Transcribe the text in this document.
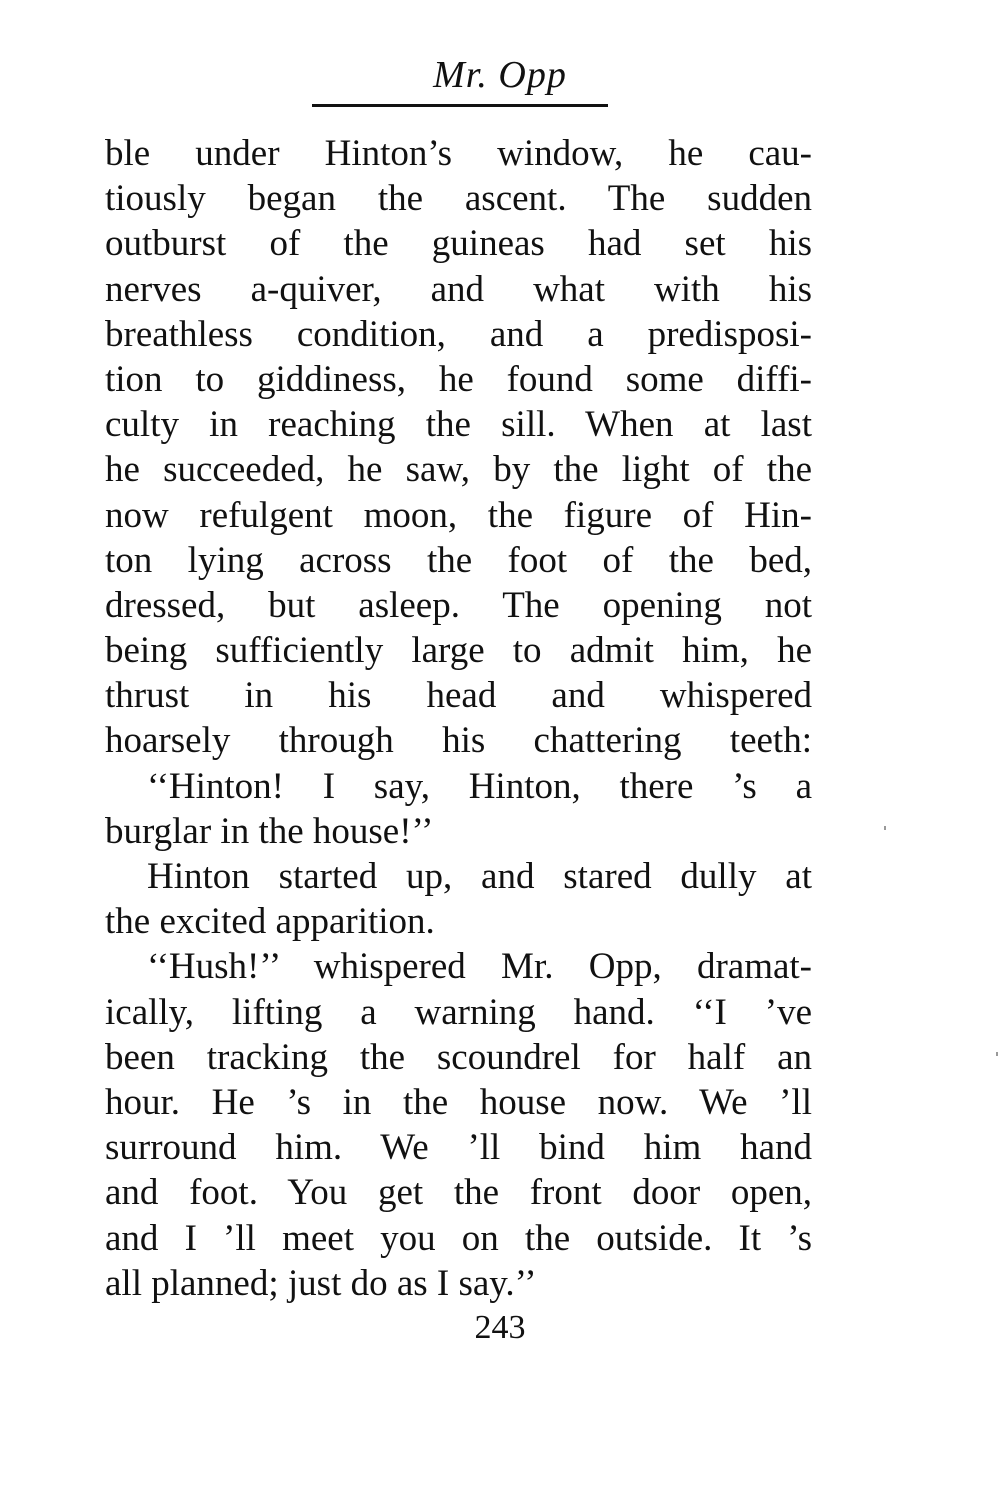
Mr. Opp
ble under Hinton’s window, he cau-
tiously began the ascent. The sudden
outburst of the guineas had set his
nerves a-quiver, and what with his
breathless condition, and a predisposi-
tion to giddiness, he found some diffi-
culty in reaching the sill. When at last
he succeeded, he saw, by the light of the
now refulgent moon, the figure of Hin-
ton lying across the foot of the bed,
dressed, but asleep. The opening not
being sufficiently large to admit him, he
thrust in his head and whispered
hoarsely through his chattering teeth:
‘‘Hinton! I say, Hinton, there ’s a
burglar in the house!’’
Hinton started up, and stared dully at
the excited apparition.
‘‘Hush!’’ whispered Mr. Opp, dramat-
ically, lifting a warning hand. ‘‘I ’ve
been tracking the scoundrel for half an
hour. He ’s in the house now. We ’ll
surround him. We ’ll bind him hand
and foot. You get the front door open,
and I ’ll meet you on the outside. It ’s
all planned; just do as I say.’’
243
